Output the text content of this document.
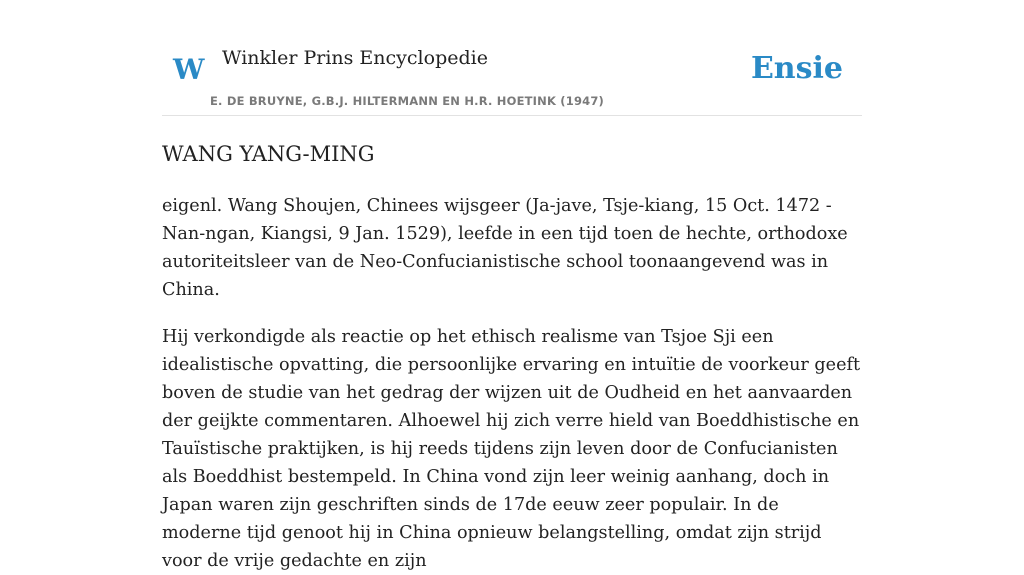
W Winkler Prins Encyclopedie
E. DE BRUYNE, G.B.J. HILTERMANN EN H.R. HOETINK (1947)
Ensie
WANG YANG-MING

eigenl. Wang Shoujen, Chinees wijsgeer (Ja-jave, Tsje-kiang, 15 Oct. 1472 - Nan-ngan, Kiangsi, 9 Jan. 1529), leefde in een tijd toen de hechte, orthodoxe autoriteitsleer van de Neo-Confucianistische school toonaangevend was in China.

Hij verkondigde als reactie op het ethisch realisme van Tsjoe Sji een idealistische opvatting, die persoonlijke ervaring en intuïtie de voorkeur geeft boven de studie van het gedrag der wijzen uit de Oudheid en het aanvaarden der geijkte commentaren. Alhoewel hij zich verre hield van Boeddhistische en Tauïstische praktijken, is hij reeds tijdens zijn leven door de Confucianisten als Boeddhist bestempeld. In China vond zijn leer weinig aanhang, doch in Japan waren zijn geschriften sinds de 17de eeuw zeer populair. In de moderne tijd genoot hij in China opnieuw belangstelling, omdat zijn strijd voor de vrije gedachte en zijn
